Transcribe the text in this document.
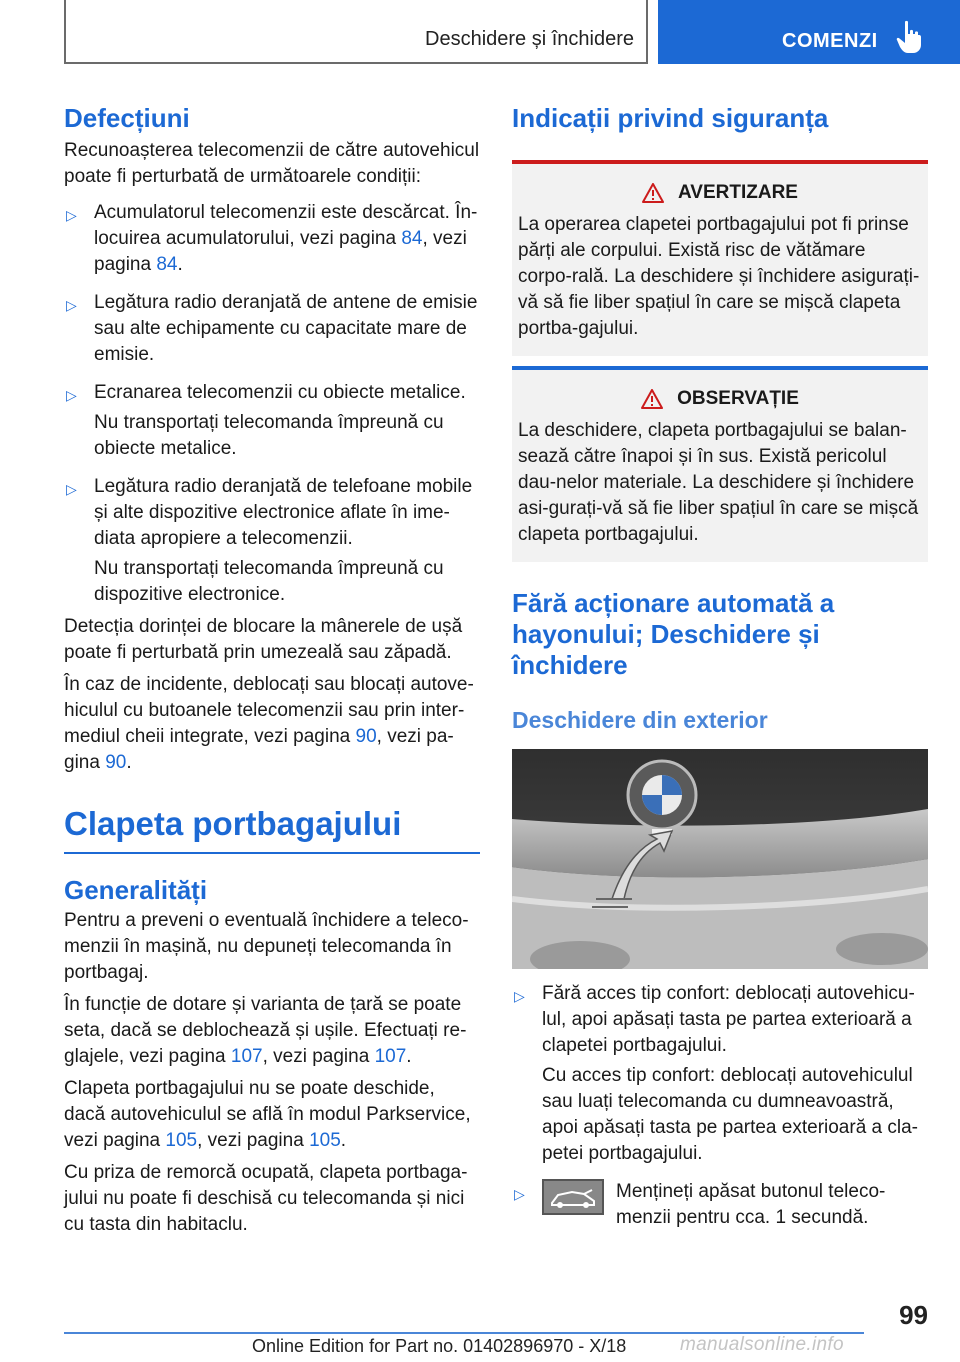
Deschidere și închidere	COMENZI
Defecțiuni

Recunoașterea telecomenzii de către autovehicul poate fi perturbată de următoarele condiții:

▷ Acumulatorul telecomenzii este descărcat. În-locuirea acumulatorului, vezi pagina 84, vezi pagina 84.

▷ Legătura radio deranjată de antene de emisie sau alte echipamente cu capacitate mare de emisie.

▷ Ecranarea telecomenzii cu obiecte metalice.

Nu transportați telecomanda împreună cu obiecte metalice.

▷ Legătura radio deranjată de telefoane mobile și alte dispozitive electronice aflate în ime-diata apropiere a telecomenzii.

Nu transportați telecomanda împreună cu dispozitive electronice.

Detecția dorinței de blocare la mânerele de ușă poate fi perturbată prin umezeală sau zăpadă.

În caz de incidente, deblocați sau blocați autove-hiculul cu butoanele telecomenzii sau prin inter-mediul cheii integrate, vezi pagina 90, vezi pa-gina 90.

Clapeta portbagajului
Generalități

Pentru a preveni o eventuală închidere a teleco-menzii în mașină, nu depuneți telecomanda în portbagaj.

În funcție de dotare și varianta de țară se poate seta, dacă se deblochează și ușile. Efectuați re-glajele, vezi pagina 107, vezi pagina 107.

Clapeta portbagajului nu se poate deschide, dacă autovehiculul se află în modul Parkservice, vezi pagina 105, vezi pagina 105.

Cu priza de remorcă ocupată, clapeta portbaga-jului nu poate fi deschisă cu telecomanda și nici cu tasta din habitaclu.

Indicații privind siguranța
AVERTIZARE

La operarea clapetei portbagajului pot fi prinse părți ale corpului. Există risc de vătămare corpo-rală. La deschidere și închidere asigurați-vă să fie liber spațiul în care se mișcă clapeta portba-gajului.

OBSERVAȚIE

La deschidere, clapeta portbagajului se balan-sează către înapoi și în sus. Există pericolul dau-nelor materiale. La deschidere și închidere asi-gurați-vă să fie liber spațiul în care se mișcă clapeta portbagajului.

Fără acționare automată a hayonului; Deschidere și închidere
Deschidere din exterior
▷ Fără acces tip confort: deblocați autovehicu-lul, apoi apăsați tasta pe partea exterioară a clapetei portbagajului.

Cu acces tip confort: deblocați autovehiculul sau luați telecomanda cu dumneavoastră, apoi apăsați tasta pe partea exterioară a cla-petei portbagajului.

▷	Mențineți apăsat butonul teleco-menzii pentru cca. 1 secundă.

99
Online Edition for Part no. 01402896970 - X/18	manualsonline.info
